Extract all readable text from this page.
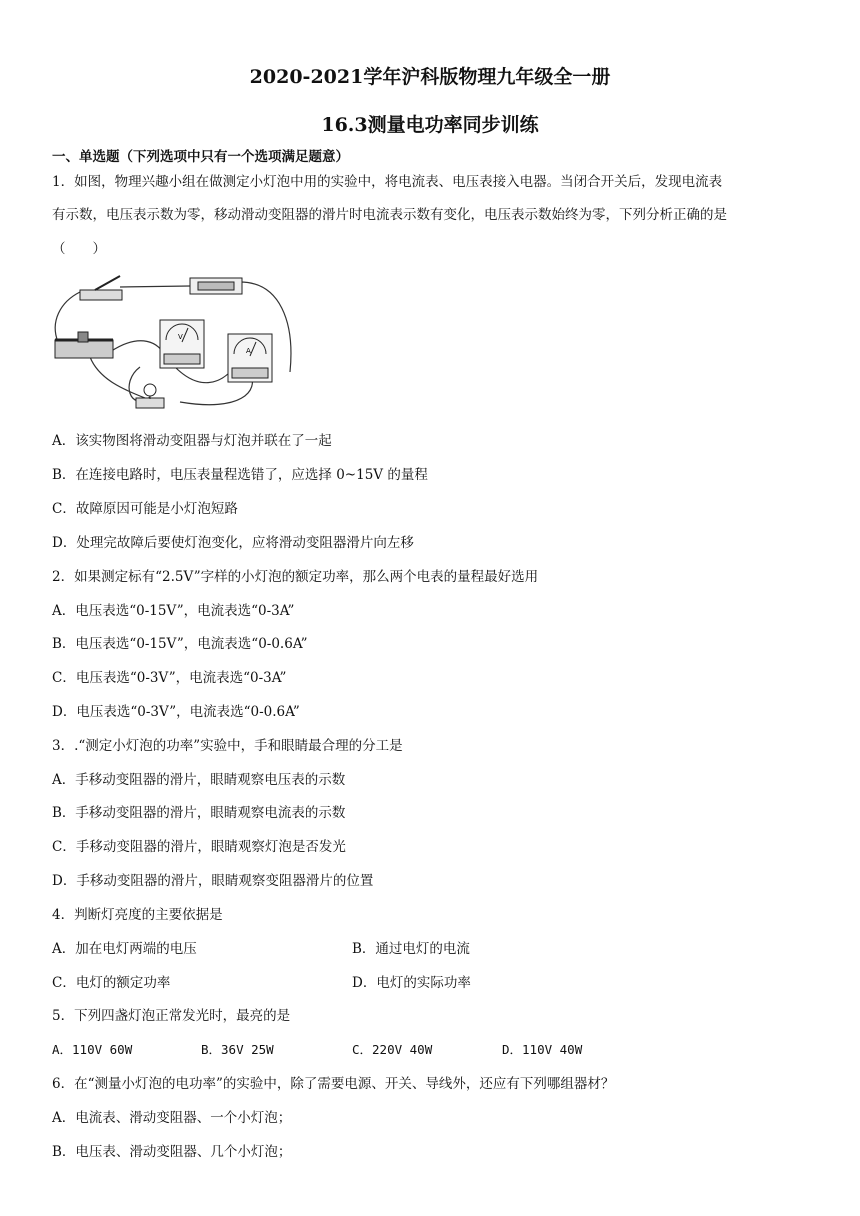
2020-2021学年沪科版物理九年级全一册
16.3测量电功率同步训练
一、单选题（下列选项中只有一个选项满足题意）
1．如图，物理兴趣小组在做测定小灯泡中用的实验中，将电流表、电压表接入电器。当闭合开关后，发现电流表
有示数，电压表示数为零，移动滑动变阻器的滑片时电流表示数有变化，电压表示数始终为零，下列分析正确的是
（　　）
V
A
A．该实物图将滑动变阻器与灯泡并联在了一起
B．在连接电路时，电压表量程选错了，应选择 0~15V 的量程
C．故障原因可能是小灯泡短路
D．处理完故障后要使灯泡变化，应将滑动变阻器滑片向左移
2．如果测定标有“2.5V”字样的小灯泡的额定功率，那么两个电表的量程最好选用
A．电压表选“0-15V”，电流表选“0-3A”
B．电压表选“0-15V”，电流表选“0-0.6A”
C．电压表选“0-3V”，电流表选“0-3A”
D．电压表选“0-3V”，电流表选“0-0.6A”
3．.“测定小灯泡的功率”实验中，手和眼睛最合理的分工是
A．手移动变阻器的滑片，眼睛观察电压表的示数
B．手移动变阻器的滑片，眼睛观察电流表的示数
C．手移动变阻器的滑片，眼睛观察灯泡是否发光
D．手移动变阻器的滑片，眼睛观察变阻器滑片的位置
4．判断灯亮度的主要依据是
A．加在电灯两端的电压	B．通过电灯的电流
C．电灯的额定功率	D．电灯的实际功率
5．下列四盏灯泡正常发光时，最亮的是
A．110V 60W	B．36V 25W	C．220V 40W	D．110V 40W
6．在“测量小灯泡的电功率”的实验中，除了需要电源、开关、导线外，还应有下列哪组器材？
A．电流表、滑动变阻器、一个小灯泡；
B．电压表、滑动变阻器、几个小灯泡；
